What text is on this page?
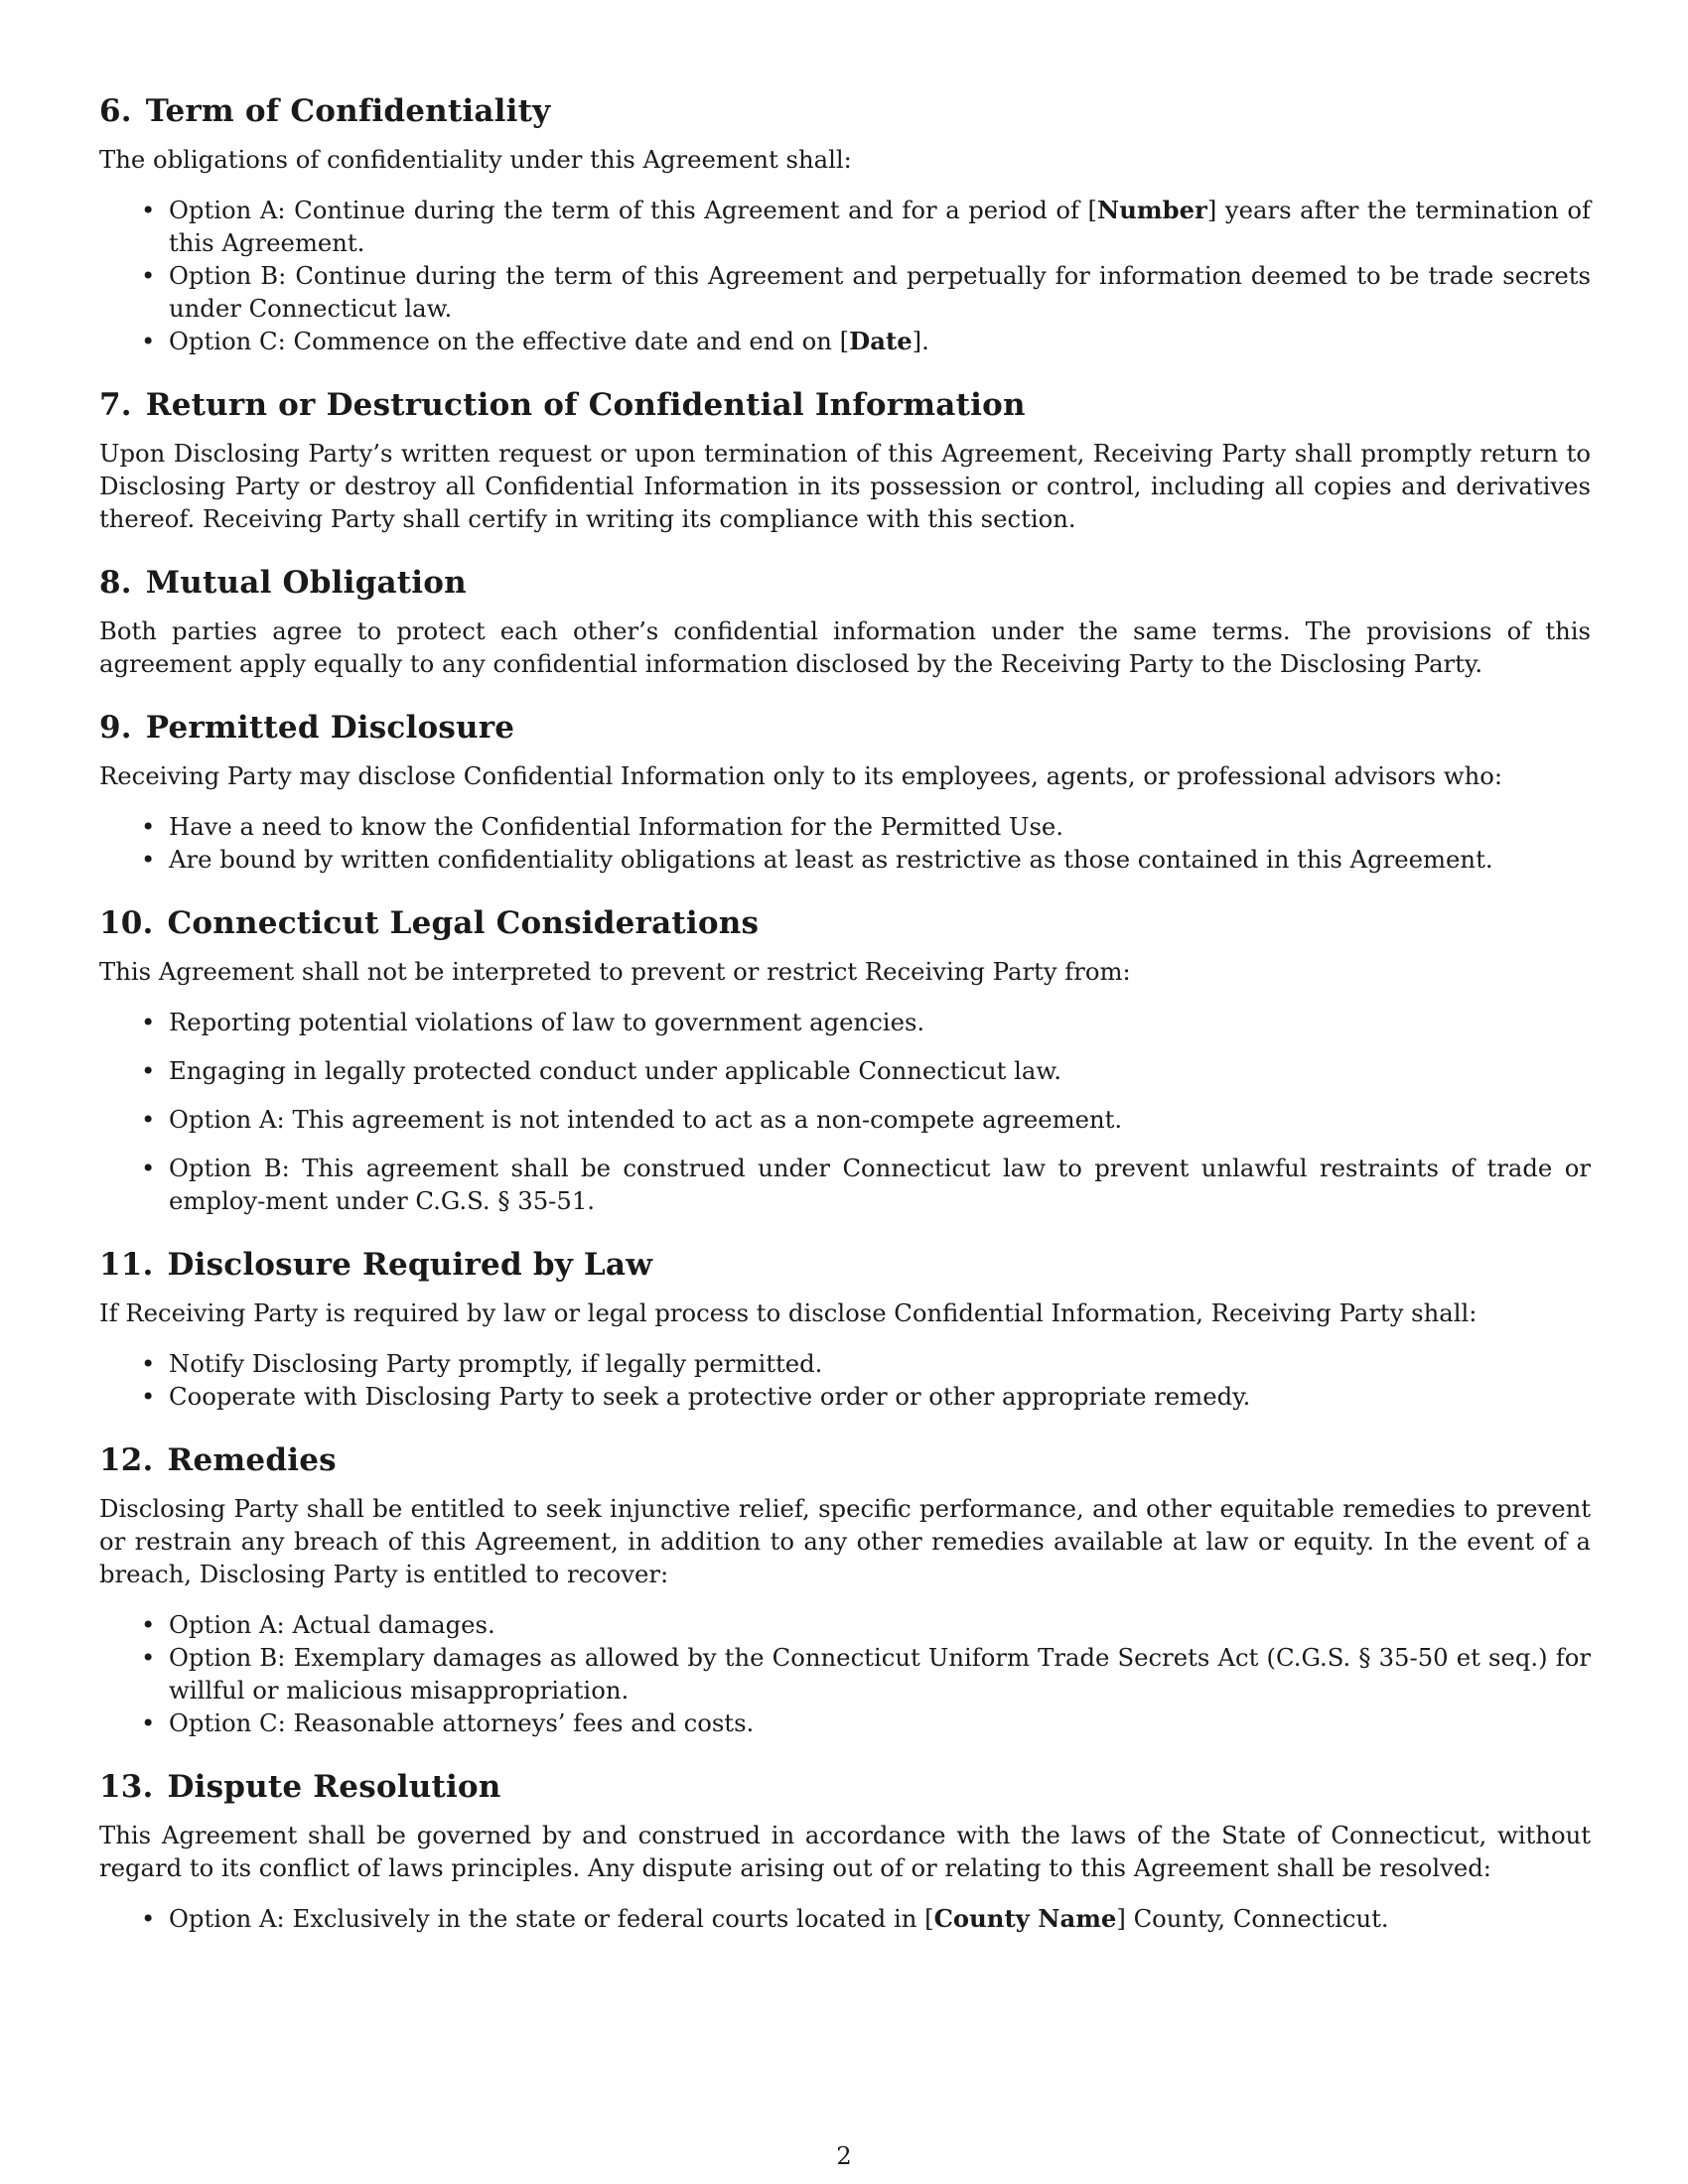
6. Term of Confidentiality

The obligations of confidentiality under this Agreement shall:

• Option A: Continue during the term of this Agreement and for a period of [Number] years after the termination of this Agreement.
• Option B: Continue during the term of this Agreement and perpetually for information deemed to be trade secrets under Connecticut law.
• Option C: Commence on the effective date and end on [Date].
7. Return or Destruction of Confidential Information

Upon Disclosing Party’s written request or upon termination of this Agreement, Receiving Party shall promptly return to Disclosing Party or destroy all Confidential Information in its possession or control, including all copies and derivatives thereof. Receiving Party shall certify in writing its compliance with this section.

8. Mutual Obligation

Both parties agree to protect each other’s confidential information under the same terms. The provisions of this agreement apply equally to any confidential information disclosed by the Receiving Party to the Disclosing Party.

9. Permitted Disclosure

Receiving Party may disclose Confidential Information only to its employees, agents, or professional advisors who:

• Have a need to know the Confidential Information for the Permitted Use.
• Are bound by written confidentiality obligations at least as restrictive as those contained in this Agreement.
10. Connecticut Legal Considerations

This Agreement shall not be interpreted to prevent or restrict Receiving Party from:

• Reporting potential violations of law to government agencies.
• Engaging in legally protected conduct under applicable Connecticut law.
• Option A: This agreement is not intended to act as a non-compete agreement.
• Option B: This agreement shall be construed under Connecticut law to prevent unlawful restraints of trade or employ-ment under C.G.S. § 35-51.
11. Disclosure Required by Law

If Receiving Party is required by law or legal process to disclose Confidential Information, Receiving Party shall:

• Notify Disclosing Party promptly, if legally permitted.
• Cooperate with Disclosing Party to seek a protective order or other appropriate remedy.
12. Remedies

Disclosing Party shall be entitled to seek injunctive relief, specific performance, and other equitable remedies to prevent or restrain any breach of this Agreement, in addition to any other remedies available at law or equity. In the event of a breach, Disclosing Party is entitled to recover:

• Option A: Actual damages.
• Option B: Exemplary damages as allowed by the Connecticut Uniform Trade Secrets Act (C.G.S. § 35-50 et seq.) for willful or malicious misappropriation.
• Option C: Reasonable attorneys’ fees and costs.
13. Dispute Resolution

This Agreement shall be governed by and construed in accordance with the laws of the State of Connecticut, without regard to its conflict of laws principles. Any dispute arising out of or relating to this Agreement shall be resolved:

• Option A: Exclusively in the state or federal courts located in [County Name] County, Connecticut.
2
